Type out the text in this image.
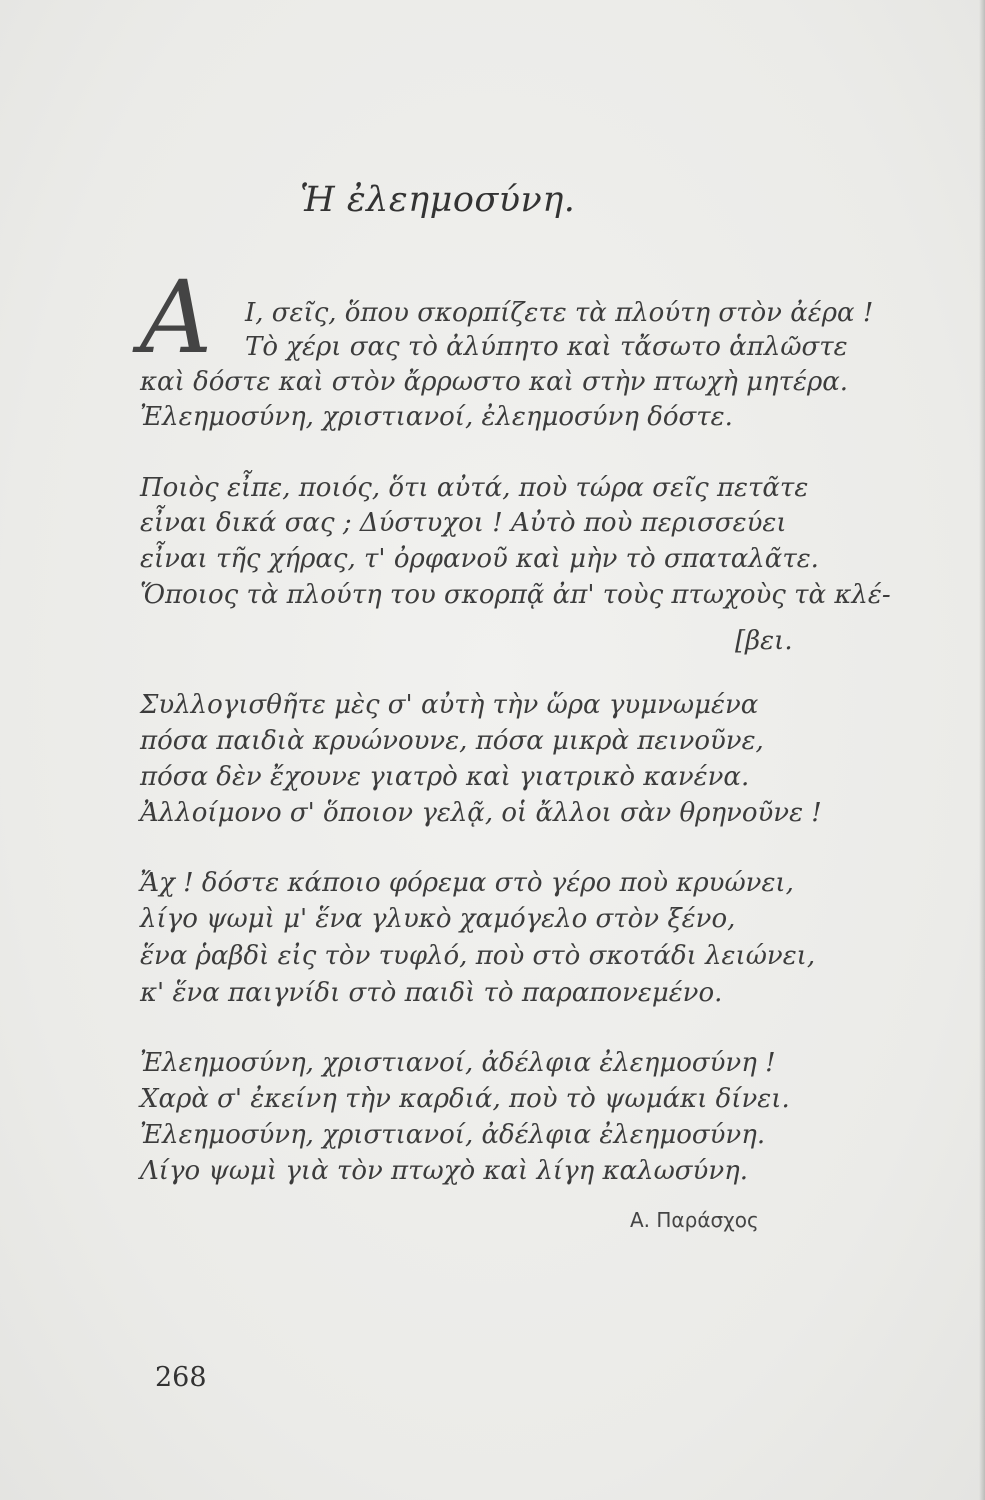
Ἡ ἐλεημοσύνη.
Α Ι, σεῖς, ὅπου σκορπίζετε τὰ πλούτη στὸν ἀέρα !
Τὸ χέρι σας τὸ ἀλύπητο καὶ τἄσωτο ἁπλῶστε
καὶ δόστε καὶ στὸν ἄρρωστο καὶ στὴν πτωχὴ μητέρα.
Ἐλεημοσύνη, χριστιανοί, ἐλεημοσύνη δόστε.
Ποιὸς εἶπε, ποιός, ὅτι αὐτά, ποὺ τώρα σεῖς πετᾶτε
εἶναι δικά σας ; Δύστυχοι ! Αὐτὸ ποὺ περισσεύει
εἶναι τῆς χήρας, τ' ὀρφανοῦ καὶ μὴν τὸ σπαταλᾶτε.
Ὅποιος τὰ πλούτη του σκορπᾷ ἀπ' τοὺς πτωχοὺς τὰ κλέ-
[βει.
Συλλογισθῆτε μὲς σ' αὐτὴ τὴν ὥρα γυμνωμένα
πόσα παιδιὰ κρυώνουνε, πόσα μικρὰ πεινοῦνε,
πόσα δὲν ἔχουνε γιατρὸ καὶ γιατρικὸ κανένα.
Ἀλλοίμονο σ' ὅποιον γελᾷ, οἱ ἄλλοι σὰν θρηνοῦνε !
Ἄχ ! δόστε κάποιο φόρεμα στὸ γέρο ποὺ κρυώνει,
λίγο ψωμὶ μ' ἕνα γλυκὸ χαμόγελο στὸν ξένο,
ἕνα ῥαβδὶ εἰς τὸν τυφλό, ποὺ στὸ σκοτάδι λειώνει,
κ' ἕνα παιγνίδι στὸ παιδὶ τὸ παραπονεμένο.
Ἐλεημοσύνη, χριστιανοί, ἀδέλφια ἐλεημοσύνη !
Χαρὰ σ' ἐκείνη τὴν καρδιά, ποὺ τὸ ψωμάκι δίνει.
Ἐλεημοσύνη, χριστιανοί, ἀδέλφια ἐλεημοσύνη.
Λίγο ψωμὶ γιὰ τὸν πτωχὸ καὶ λίγη καλωσύνη.
Α. Παράσχος
268
